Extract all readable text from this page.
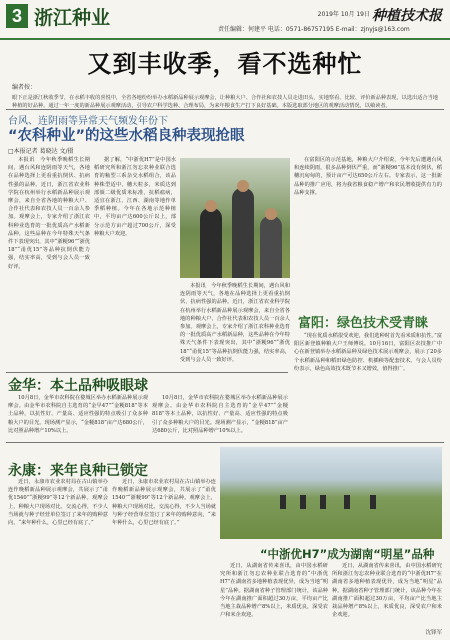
3 浙江种业	2019年 10月 19日 种植技术报
责任编辑：何建平 电话：0571-86757195 E-mail：zjnyjs@163.com
又到丰收季，看不选种忙
编者按：
眼下正是浙江秋收季节，在水稻丰收的喜悦中，全省各地纷纷举办水稻新品种展示观摩会，让种粮大户、合作社和农技人员走进田头，实地察看、比较、评价新品种表现，以选出适合当地种植的好品种。通过一年一度的新品种展示观摩活动，引导农户科学选种、合理布局，为来年粮食生产打下良好基础。本版选取部分地区的观摩活动情况，以飨读者。
台风、连阴雨等异常天气频发年份下
“农科种业”的这些水稻良种表现抢眼
□本报记者 葛晓达 文/摄

本报讯　今年秋季晚稻生长期间，遇台风和连阴雨等天气，各地在品种选择上更看重抗倒伏、抗病性强的品种。近日，浙江省农业科学院在杭州举行水稻新品种展示观摩会，来自全省各地的种粮大户、合作社代表和农技人员一百余人参加。观摩会上，专家介绍了浙江农科种业选育的一批优质高产水稻新品种，这些品种在今年特殊天气条件下表现突出，其中“浙粳96”“浙优18”“甬优15”等品种抗倒伏能力强，结实率高，受到与会人员一致好评。

据了解，“中浙优H7”是中国水稻研究所和浙江勿忘农种业联合选育的籼型三系杂交水稻组合，该品种株型适中，穗大粒多，米质达到部颁二级优质米标准，抗稻瘟病，适宜在浙江、江西、湖南等地作单季稻种植。今年在各地示范种植中，平均亩产达600公斤以上，部分示范方亩产超过700公斤，深受种粮大户欢迎。

在富阳区的示范基地，种粮大户介绍说，今年先后遭遇台风和连续阴雨，很多品种倒伏严重，而“浙粳96”基本没有倒伏，稻穗沉甸甸的，预计亩产可达650公斤左右。专家表示，这一批新品种的推广应用，将为我省粮食稳产增产和农民增收提供有力的品种支撑。

本报讯　今年秋季晚稻生长期间，遇台风和连阴雨等天气，各地在品种选择上更看重抗倒伏、抗病性强的品种。近日，浙江省农业科学院在杭州举行水稻新品种展示观摩会，来自全省各地的种粮大户、合作社代表和农技人员一百余人参加。观摩会上，专家介绍了浙江农科种业选育的一批优质高产水稻新品种，这些品种在今年特殊天气条件下表现突出，其中“浙粳96”“浙优18”“甬优15”等品种抗倒伏能力强，结实率高，受到与会人员一致好评。

富阳：绿色技术受青睐

“现在优质水稻很受欢迎，我们选种时首先看米质和抗性。”富阳区新登镇种粮大户王师傅说。10月16日，富阳区农技推广中心在新登镇举办水稻新品种及绿色技术展示观摩会，展示了20多个水稻新品种和稻田绿色防控、机插秧等配套技术。与会人员纷纷表示，绿色高效技术既节本又增效，值得推广。

金华：本土品种吸眼球

10月8日，金华市农科院在婺城区举办水稻新品种展示观摩会。由金华市农科院自主选育的“金早47”“金粳818”等本土品种，以抗性好、产量高、适应性强的特点吸引了众多种粮大户的目光。现场测产显示，“金粳818”亩产达680公斤，比对照品种增产10%以上。

10月8日，金华市农科院在婺城区举办水稻新品种展示观摩会。由金华市农科院自主选育的“金早47”“金粳818”等本土品种，以抗性好、产量高、适应性强的特点吸引了众多种粮大户的目光。现场测产显示，“金粳818”亩产达680公斤，比对照品种增产10%以上。

永康：来年良种已锁定

近日，永康市农业农村局在古山镇举办连作晚稻新品种展示观摩会，共展示了“甬优1540”“浙粳99”等12个新品种。观摩会上，种粮大户现场对比、交流心得，不少人当场就与种子经营单位签订了来年的购种意向，“来年种什么，心里已经有底了。”

近日，永康市农业农村局在古山镇举办连作晚稻新品种展示观摩会，共展示了“甬优1540”“浙粳99”等12个新品种。观摩会上，种粮大户现场对比、交流心得，不少人当场就与种子经营单位签订了来年的购种意向，“来年种什么，心里已经有底了。”

“中浙优H7”成为湖南“明星”品种

近日，从湖南省传来喜讯，由中国水稻研究所和浙江勿忘农种业联合选育的“中浙优H7”在湖南省多地种植表现优异，成为当地“明星”品种。据湖南省种子管理部门统计，该品种今年在湖南推广面积超过30万亩，平均亩产比当地主栽品种增产8%以上，米质优良，深受农户和米企欢迎。

近日，从湖南省传来喜讯，由中国水稻研究所和浙江勿忘农种业联合选育的“中浙优H7”在湖南省多地种植表现优异，成为当地“明星”品种。据湖南省种子管理部门统计，该品种今年在湖南推广面积超过30万亩，平均亩产比当地主栽品种增产8%以上，米质优良，深受农户和米企欢迎。

沈锋军
